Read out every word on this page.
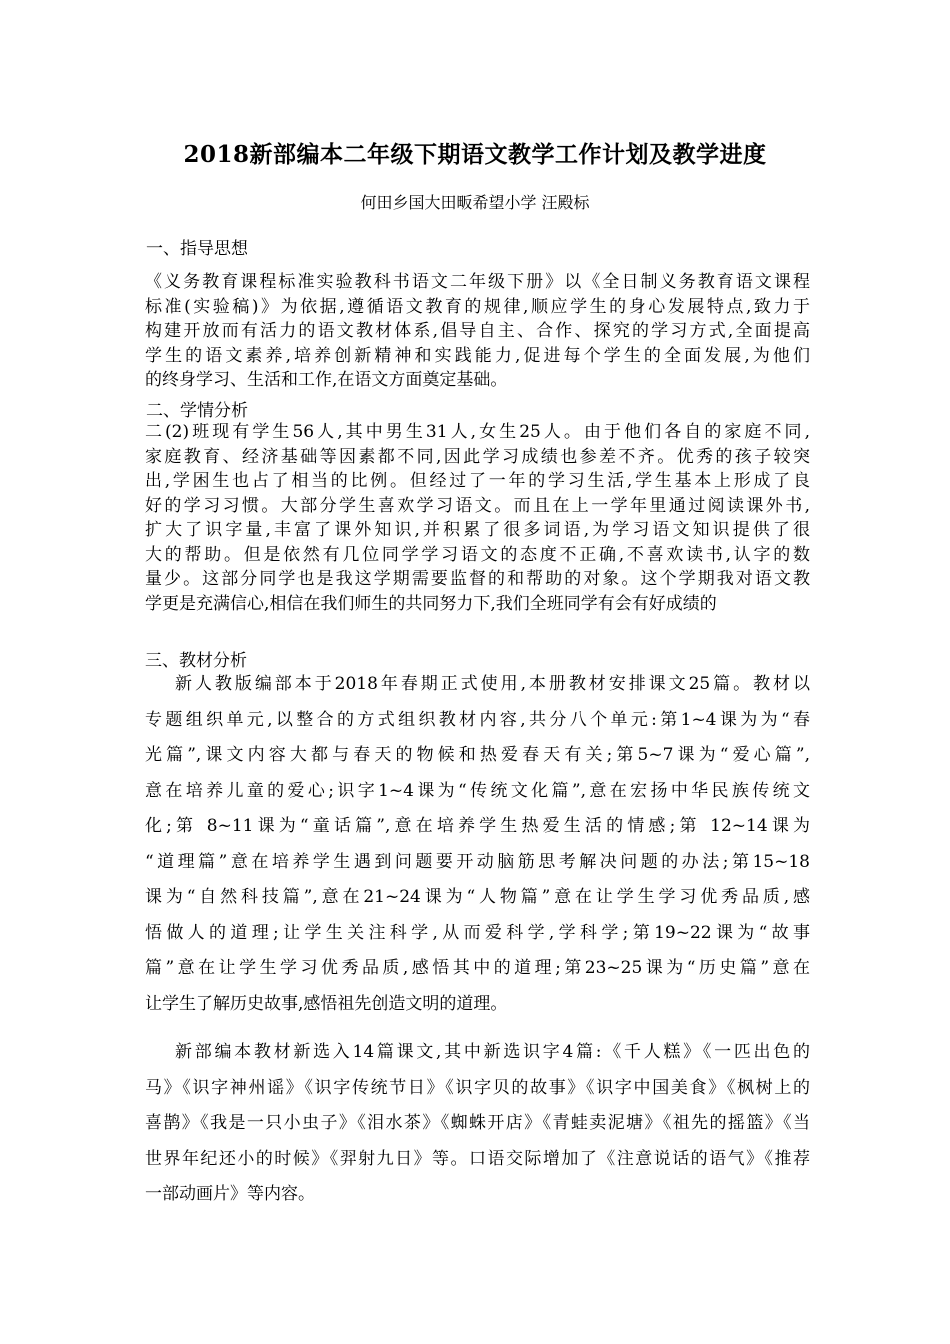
2018新部编本二年级下期语文教学工作计划及教学进度
何田乡国大田畈希望小学 汪殿标
一、指导思想
《义务教育课程标准实验教科书语文二年级下册》以《全日制义务教育语文课程
标准(实验稿)》为依据,遵循语文教育的规律,顺应学生的身心发展特点,致力于
构建开放而有活力的语文教材体系,倡导自主、合作、探究的学习方式,全面提高
学生的语文素养,培养创新精神和实践能力,促进每个学生的全面发展,为他们
的终身学习、生活和工作,在语文方面奠定基础。
二、学情分析
二(2)班现有学生56人,其中男生31人,女生25人。由于他们各自的家庭不同,
家庭教育、经济基础等因素都不同,因此学习成绩也参差不齐。优秀的孩子较突
出,学困生也占了相当的比例。但经过了一年的学习生活,学生基本上形成了良
好的学习习惯。大部分学生喜欢学习语文。而且在上一学年里通过阅读课外书,
扩大了识字量,丰富了课外知识,并积累了很多词语,为学习语文知识提供了很
大的帮助。但是依然有几位同学学习语文的态度不正确,不喜欢读书,认字的数
量少。这部分同学也是我这学期需要监督的和帮助的对象。这个学期我对语文教
学更是充满信心,相信在我们师生的共同努力下,我们全班同学有会有好成绩的
三、教材分析
新人教版编部本于2018年春期正式使用,本册教材安排课文25篇。教材以
专题组织单元,以整合的方式组织教材内容,共分八个单元:第1~4课为为“春
光篇”,课文内容大都与春天的物候和热爱春天有关;第5~7课为“爱心篇”,
意在培养儿童的爱心;识字1~4课为“传统文化篇”,意在宏扬中华民族传统文
化;第 8~11课为“童话篇”,意在培养学生热爱生活的情感;第 12~14课为
“道理篇”意在培养学生遇到问题要开动脑筋思考解决问题的办法;第15~18
课为“自然科技篇”,意在21~24课为“人物篇”意在让学生学习优秀品质,感
悟做人的道理;让学生关注科学,从而爱科学,学科学;第19~22课为“故事
篇”意在让学生学习优秀品质,感悟其中的道理;第23~25课为“历史篇”意在
让学生了解历史故事,感悟祖先创造文明的道理。
新部编本教材新选入14篇课文,其中新选识字4篇:《千人糕》《一匹出色的
马》《识字神州谣》《识字传统节日》《识字贝的故事》《识字中国美食》《枫树上的
喜鹊》《我是一只小虫子》《泪水茶》《蜘蛛开店》《青蛙卖泥塘》《祖先的摇篮》《当
世界年纪还小的时候》《羿射九日》等。口语交际增加了《注意说话的语气》《推荐
一部动画片》等内容。
